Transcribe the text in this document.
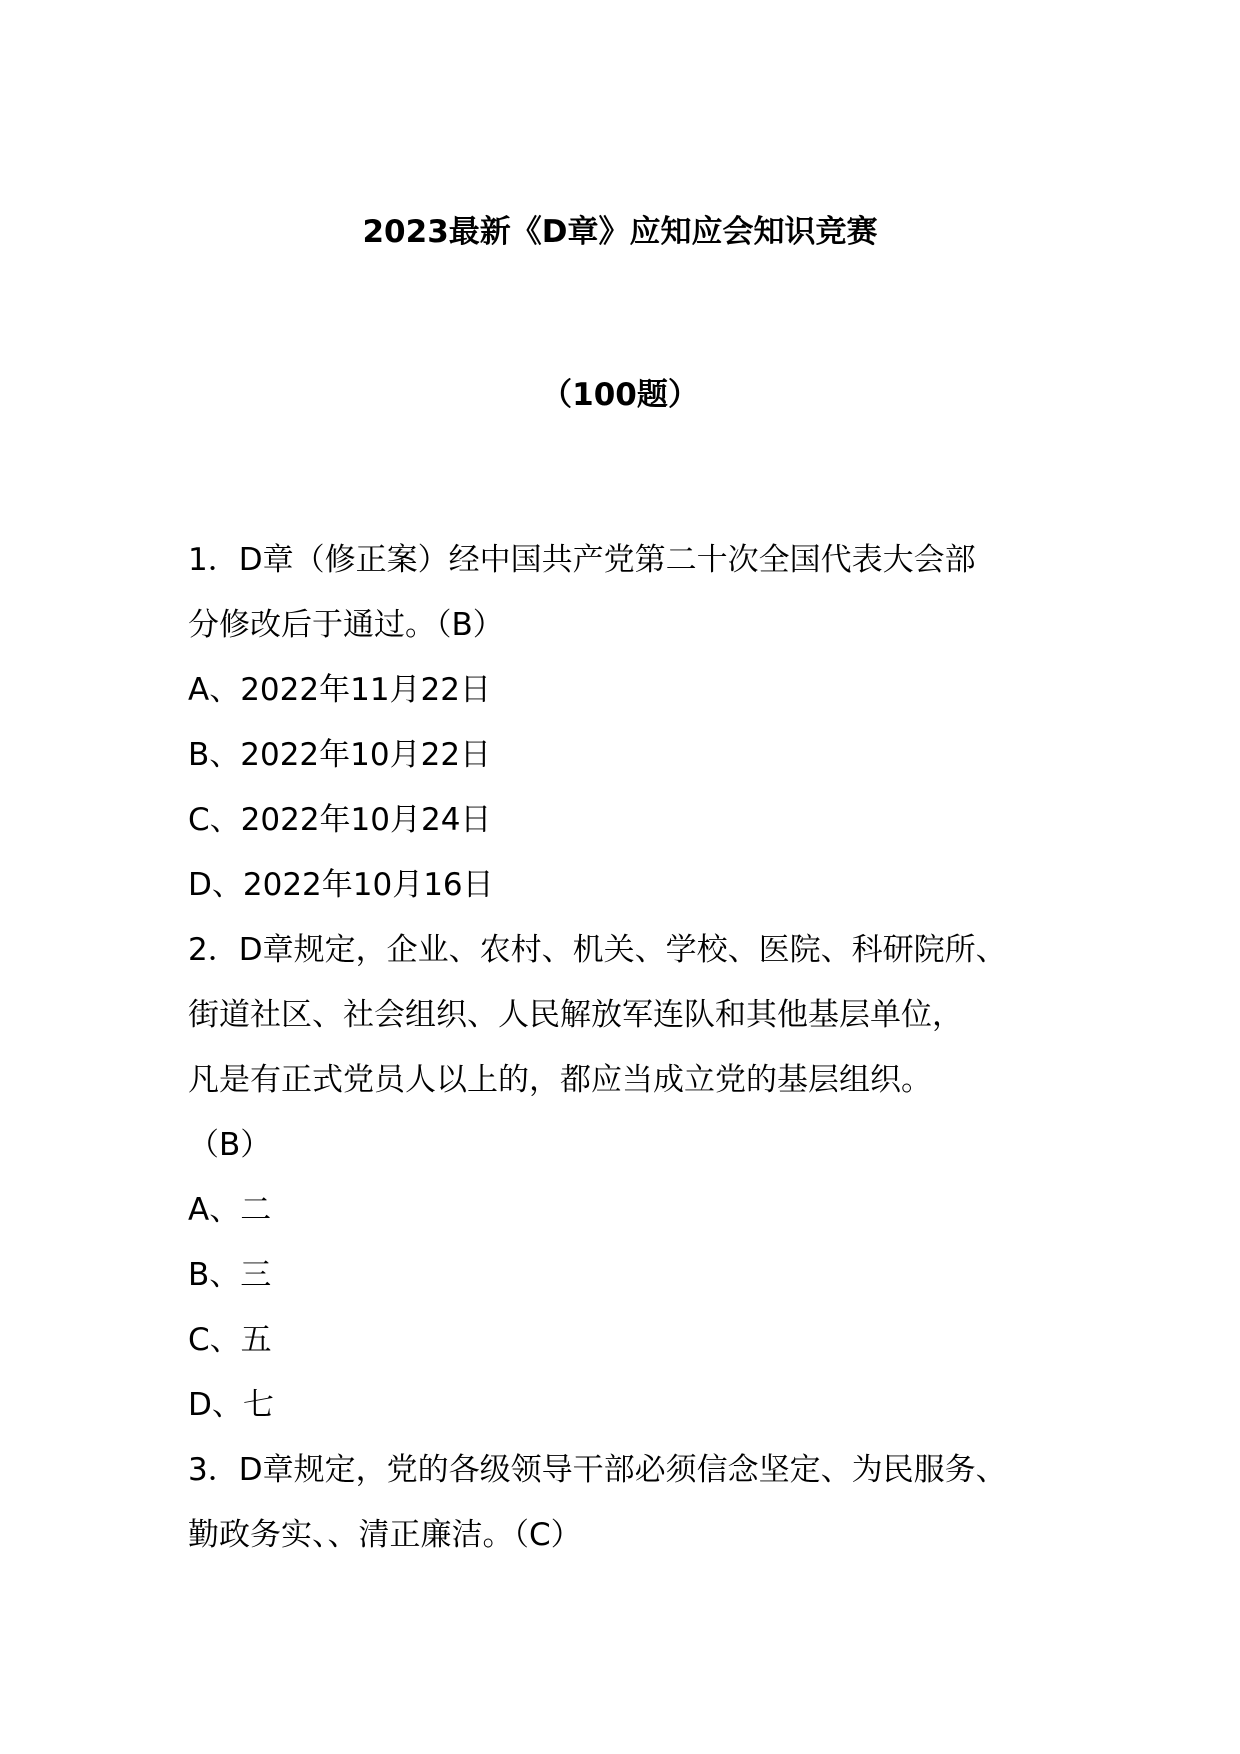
2023最新《D章》应知应会知识竞赛
（100题）
1．D章（修正案）经中国共产党第二十次全国代表大会部
分修改后于通过。（B）
A、2022年11月22日
B、2022年10月22日
C、2022年10月24日
D、2022年10月16日
2．D章规定，企业、农村、机关、学校、医院、科研院所、
街道社区、社会组织、人民解放军连队和其他基层单位，
凡是有正式党员人以上的，都应当成立党的基层组织。
（B）
A、二
B、三
C、五
D、七
3．D章规定，党的各级领导干部必须信念坚定、为民服务、
勤政务实、、清正廉洁。（C）
